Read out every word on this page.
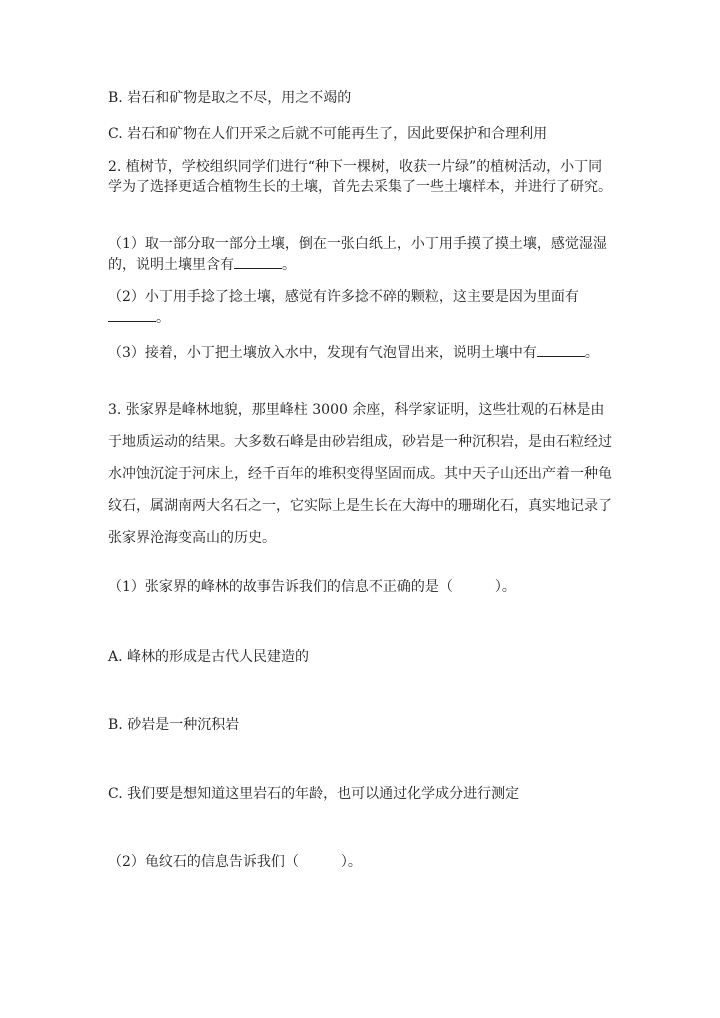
B. 岩石和矿物是取之不尽，用之不竭的
C. 岩石和矿物在人们开采之后就不可能再生了，因此要保护和合理利用
2. 植树节，学校组织同学们进行“种下一棵树，收获一片绿”的植树活动，小丁同学为了选择更适合植物生长的土壤，首先去采集了一些土壤样本，并进行了研究。
（1）取一部分取一部分土壤，倒在一张白纸上，小丁用手摸了摸土壤，感觉湿湿的，说明土壤里含有	。
（2）小丁用手捻了捻土壤，感觉有许多捻不碎的颗粒，这主要是因为里面有。
（3）接着，小丁把土壤放入水中，发现有气泡冒出来，说明土壤中有	。
3. 张家界是峰林地貌，那里峰柱 3000 余座，科学家证明，这些壮观的石林是由于地质运动的结果。大多数石峰是由砂岩组成，砂岩是一种沉积岩，是由石粒经过水冲蚀沉淀于河床上，经千百年的堆积变得坚固而成。其中天子山还出产着一种龟纹石，属湖南两大名石之一，它实际上是生长在大海中的珊瑚化石，真实地记录了张家界沧海变高山的历史。
（1）张家界的峰林的故事告诉我们的信息不正确的是（　　　）。
A. 峰林的形成是古代人民建造的
B. 砂岩是一种沉积岩
C. 我们要是想知道这里岩石的年龄，也可以通过化学成分进行测定
（2）龟纹石的信息告诉我们（　　　）。
